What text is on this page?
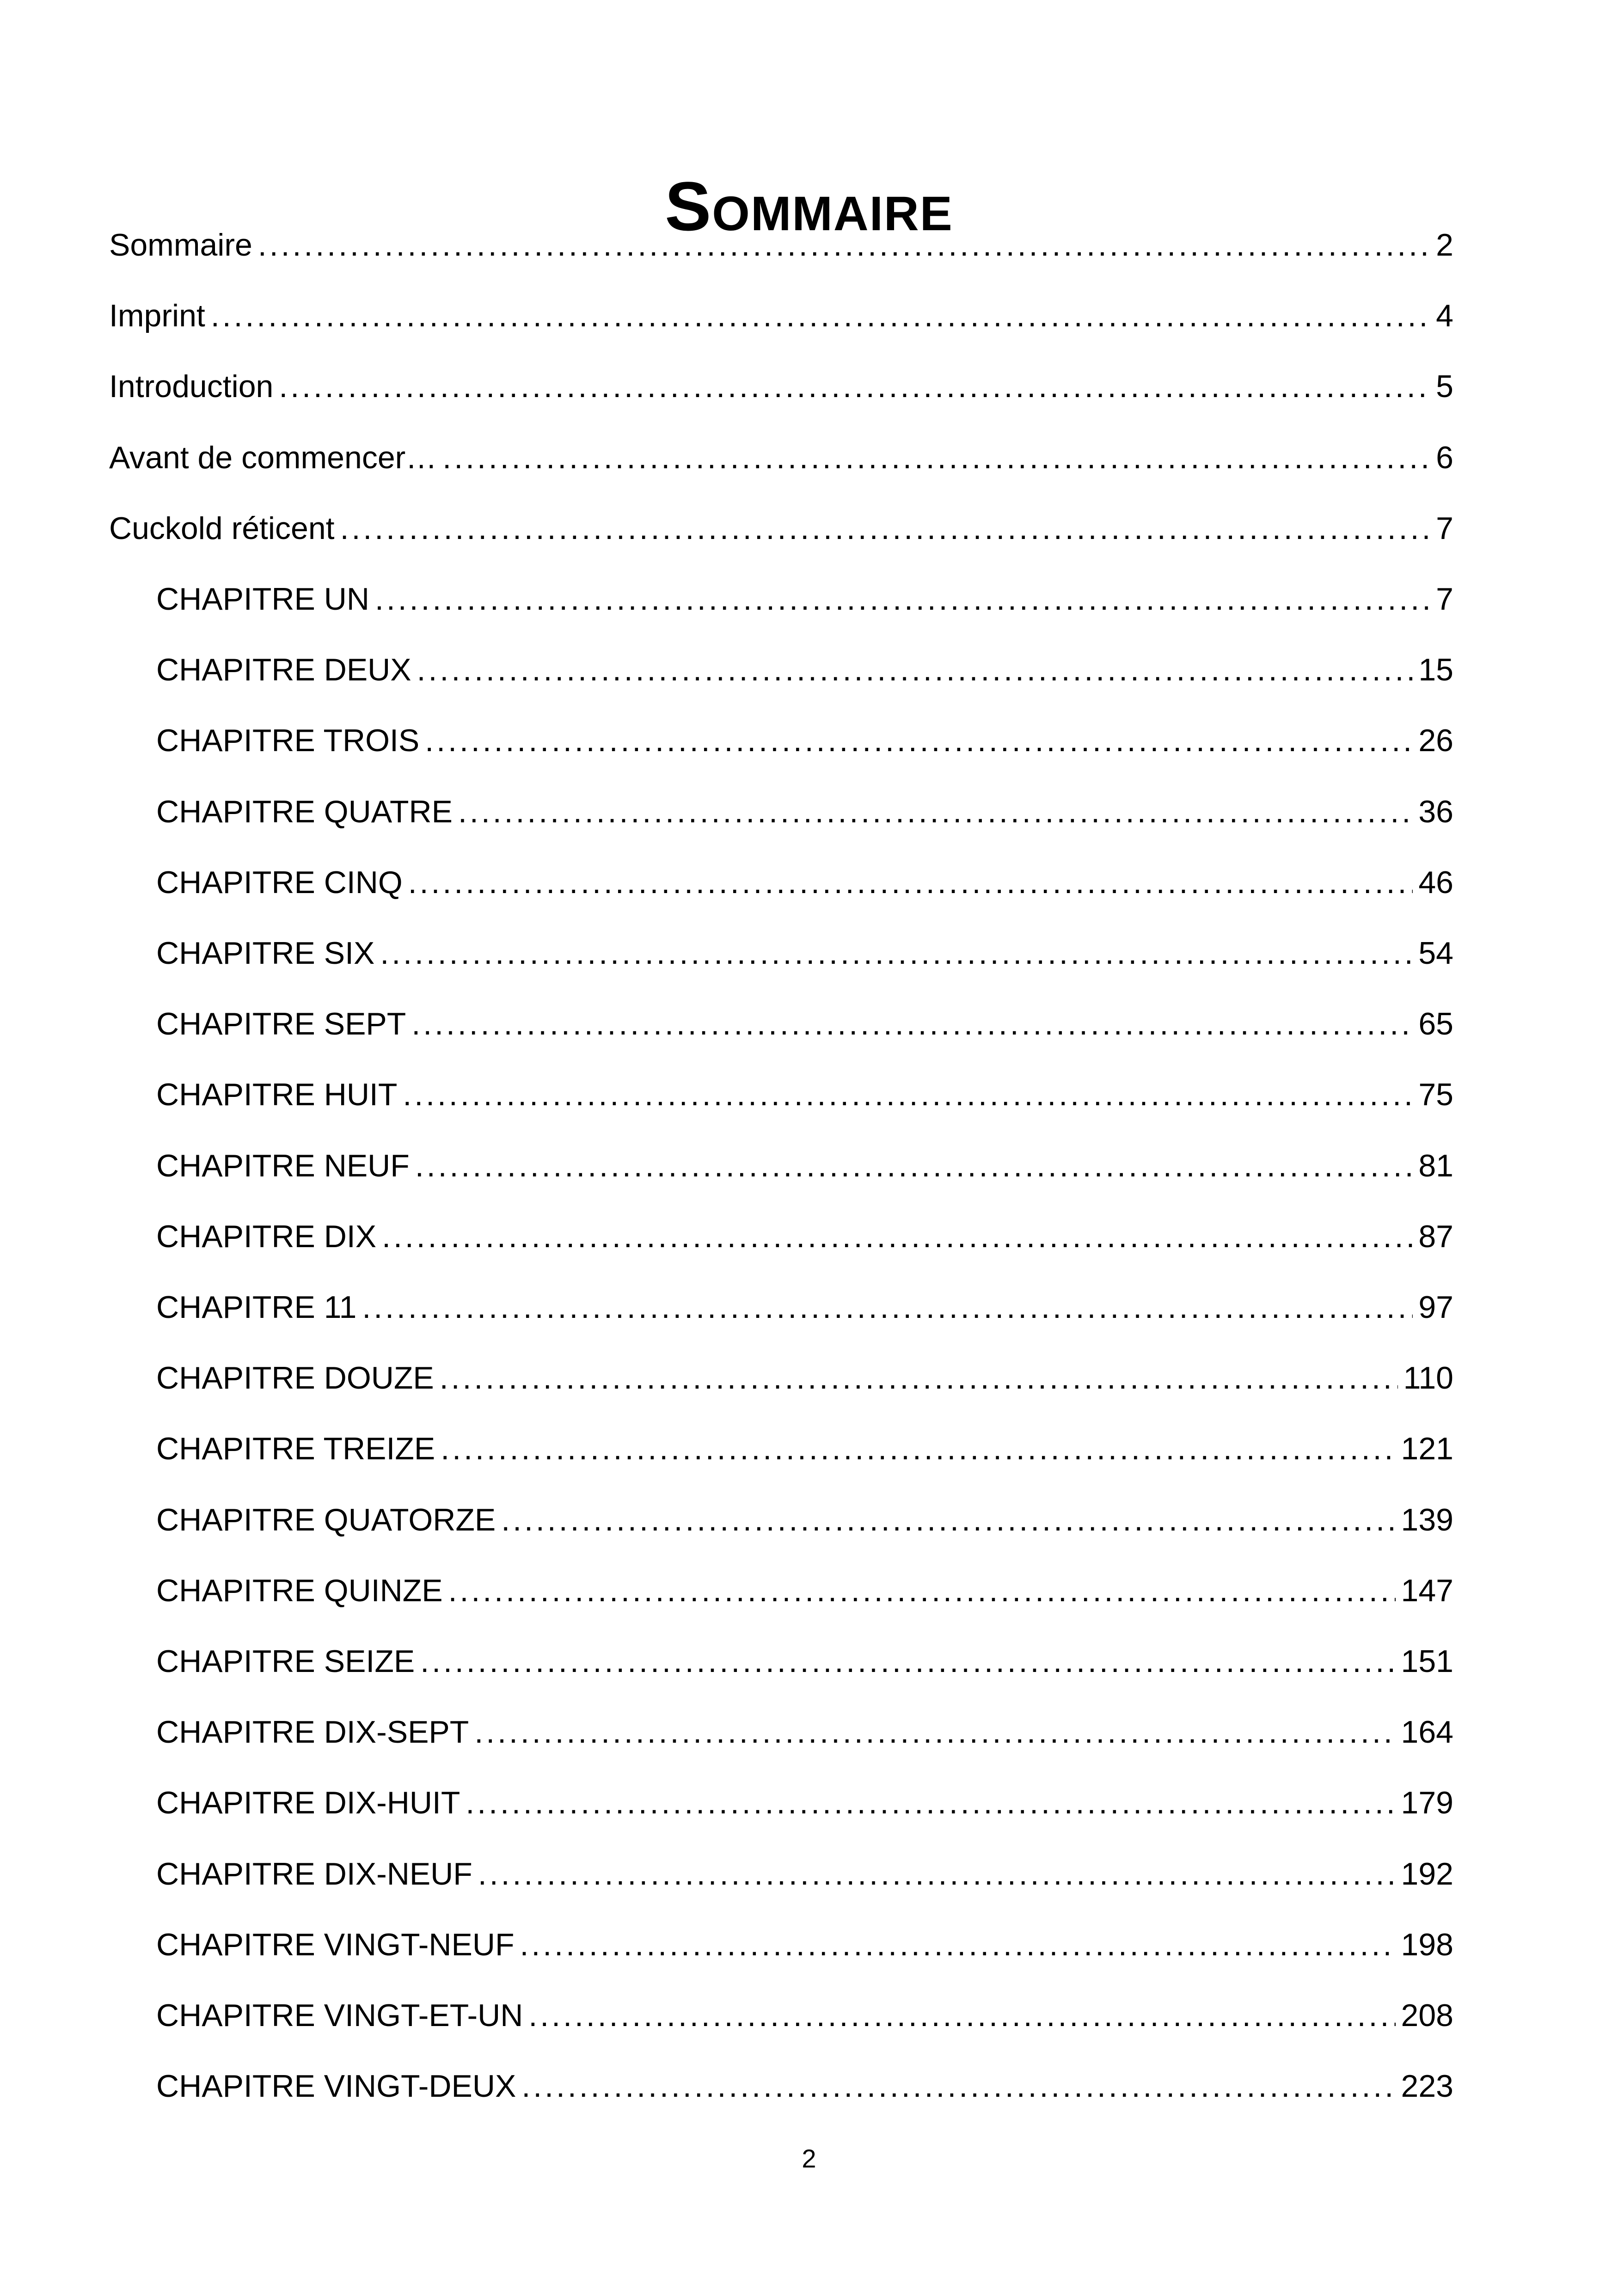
Sommaire
Sommaire .....	2
Imprint .....	4
Introduction .....	5
Avant de commencer… .....	6
Cuckold réticent .....	7
CHAPITRE UN .....	7
CHAPITRE DEUX .....	15
CHAPITRE TROIS .....	26
CHAPITRE QUATRE .....	36
CHAPITRE CINQ .....	46
CHAPITRE SIX .....	54
CHAPITRE SEPT .....	65
CHAPITRE HUIT .....	75
CHAPITRE NEUF .....	81
CHAPITRE DIX .....	87
CHAPITRE 11 .....	97
CHAPITRE DOUZE .....	110
CHAPITRE TREIZE .....	121
CHAPITRE QUATORZE .....	139
CHAPITRE QUINZE .....	147
CHAPITRE SEIZE .....	151
CHAPITRE DIX-SEPT .....	164
CHAPITRE DIX-HUIT .....	179
CHAPITRE DIX-NEUF .....	192
CHAPITRE VINGT-NEUF .....	198
CHAPITRE VINGT-ET-UN .....	208
CHAPITRE VINGT-DEUX .....	223
2
